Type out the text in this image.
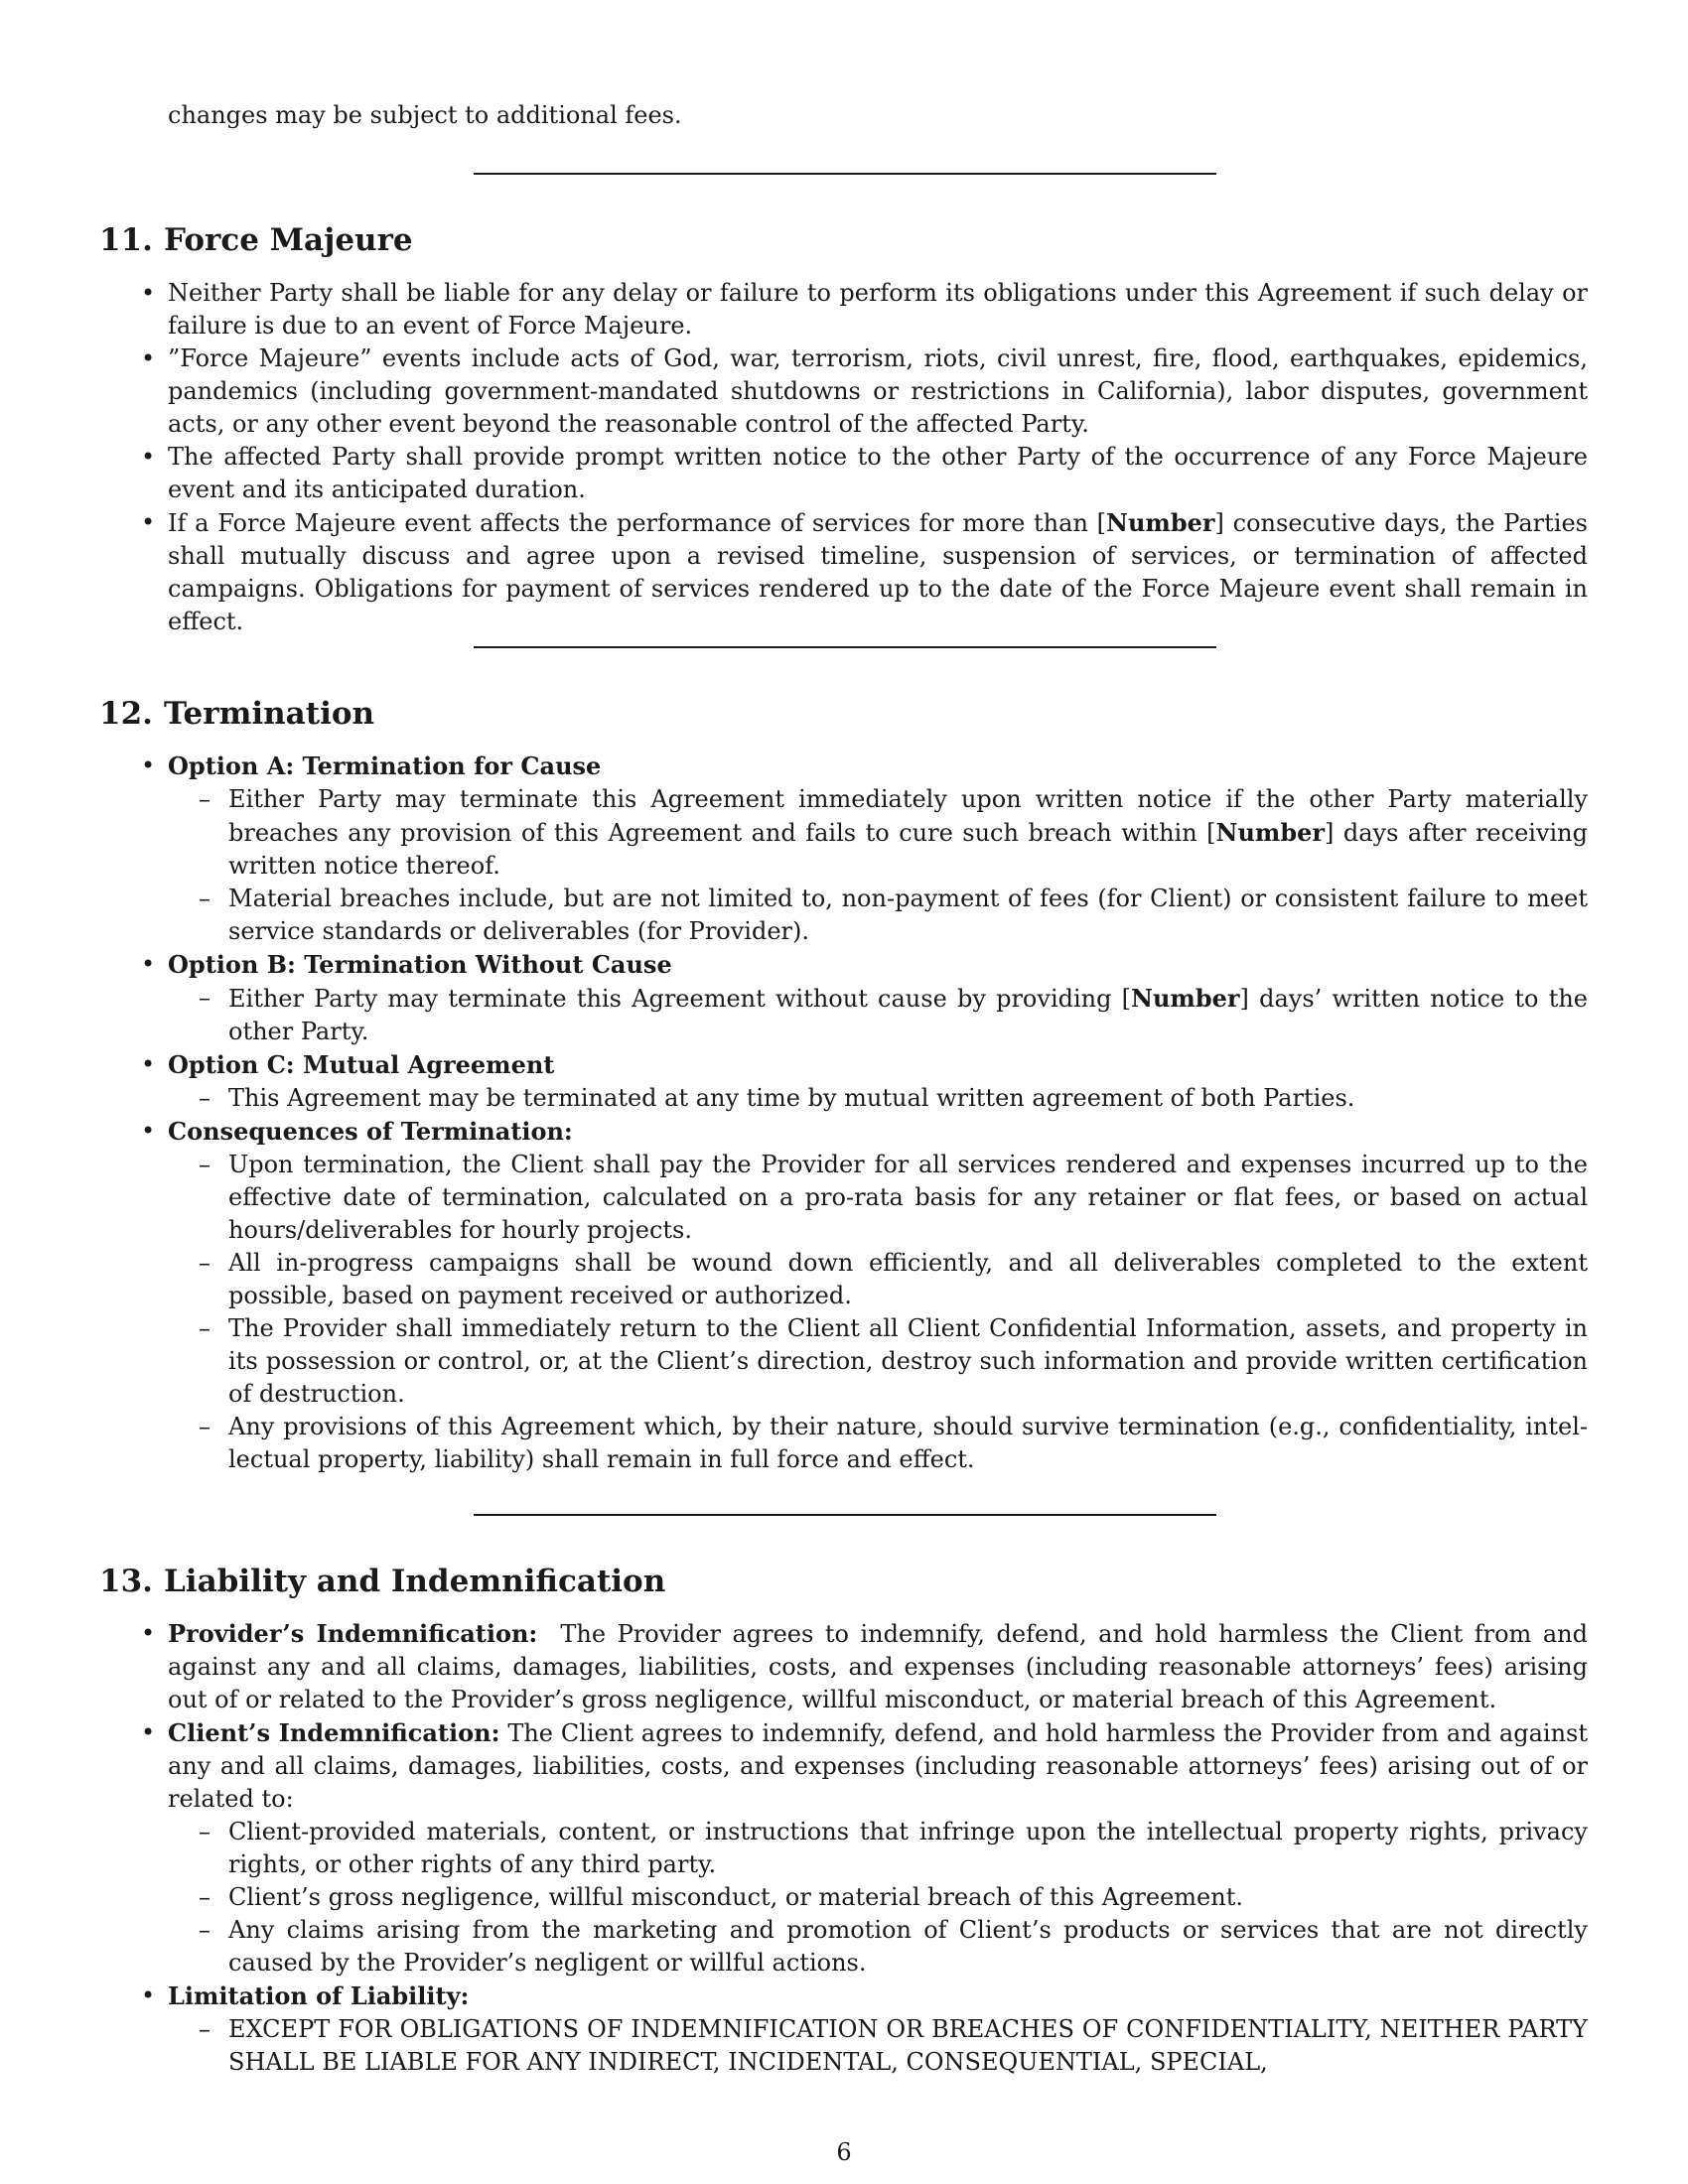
changes may be subject to additional fees.

11. Force Majeure
• Neither Party shall be liable for any delay or failure to perform its obligations under this Agreement if such delay or failure is due to an event of Force Majeure.
• ”Force Majeure” events include acts of God, war, terrorism, riots, civil unrest, fire, flood, earthquakes, epidemics, pandemics (including government-mandated shutdowns or restrictions in California), labor disputes, government acts, or any other event beyond the reasonable control of the affected Party.
• The affected Party shall provide prompt written notice to the other Party of the occurrence of any Force Majeure event and its anticipated duration.
• If a Force Majeure event affects the performance of services for more than [Number] consecutive days, the Parties shall mutually discuss and agree upon a revised timeline, suspension of services, or termination of affected campaigns. Obligations for payment of services rendered up to the date of the Force Majeure event shall remain in effect.
12. Termination
• Option A: Termination for Cause
– Either Party may terminate this Agreement immediately upon written notice if the other Party materially breaches any provision of this Agreement and fails to cure such breach within [Number] days after receiving written notice thereof.
– Material breaches include, but are not limited to, non-payment of fees (for Client) or consistent failure to meet service standards or deliverables (for Provider).
• Option B: Termination Without Cause
– Either Party may terminate this Agreement without cause by providing [Number] days’ written notice to the other Party.
• Option C: Mutual Agreement
– This Agreement may be terminated at any time by mutual written agreement of both Parties.
• Consequences of Termination:
– Upon termination, the Client shall pay the Provider for all services rendered and expenses incurred up to the effective date of termination, calculated on a pro-rata basis for any retainer or flat fees, or based on actual hours/deliverables for hourly projects.
– All in-progress campaigns shall be wound down efficiently, and all deliverables completed to the extent possible, based on payment received or authorized.
– The Provider shall immediately return to the Client all Client Confidential Information, assets, and property in its possession or control, or, at the Client’s direction, destroy such information and provide written certification of destruction.
– Any provisions of this Agreement which, by their nature, should survive termination (e.g., confidentiality, intellectual property, liability) shall remain in full force and effect.
13. Liability and Indemnification
• Provider’s Indemnification: The Provider agrees to indemnify, defend, and hold harmless the Client from and against any and all claims, damages, liabilities, costs, and expenses (including reasonable attorneys’ fees) arising out of or related to the Provider’s gross negligence, willful misconduct, or material breach of this Agreement.
• Client’s Indemnification: The Client agrees to indemnify, defend, and hold harmless the Provider from and against any and all claims, damages, liabilities, costs, and expenses (including reasonable attorneys’ fees) arising out of or related to:
– Client-provided materials, content, or instructions that infringe upon the intellectual property rights, privacy rights, or other rights of any third party.
– Client’s gross negligence, willful misconduct, or material breach of this Agreement.
– Any claims arising from the marketing and promotion of Client’s products or services that are not directly caused by the Provider’s negligent or willful actions.
• Limitation of Liability:
– EXCEPT FOR OBLIGATIONS OF INDEMNIFICATION OR BREACHES OF CONFIDENTIALITY, NEITHER PARTY SHALL BE LIABLE FOR ANY INDIRECT, INCIDENTAL, CONSEQUENTIAL, SPECIAL,
6
